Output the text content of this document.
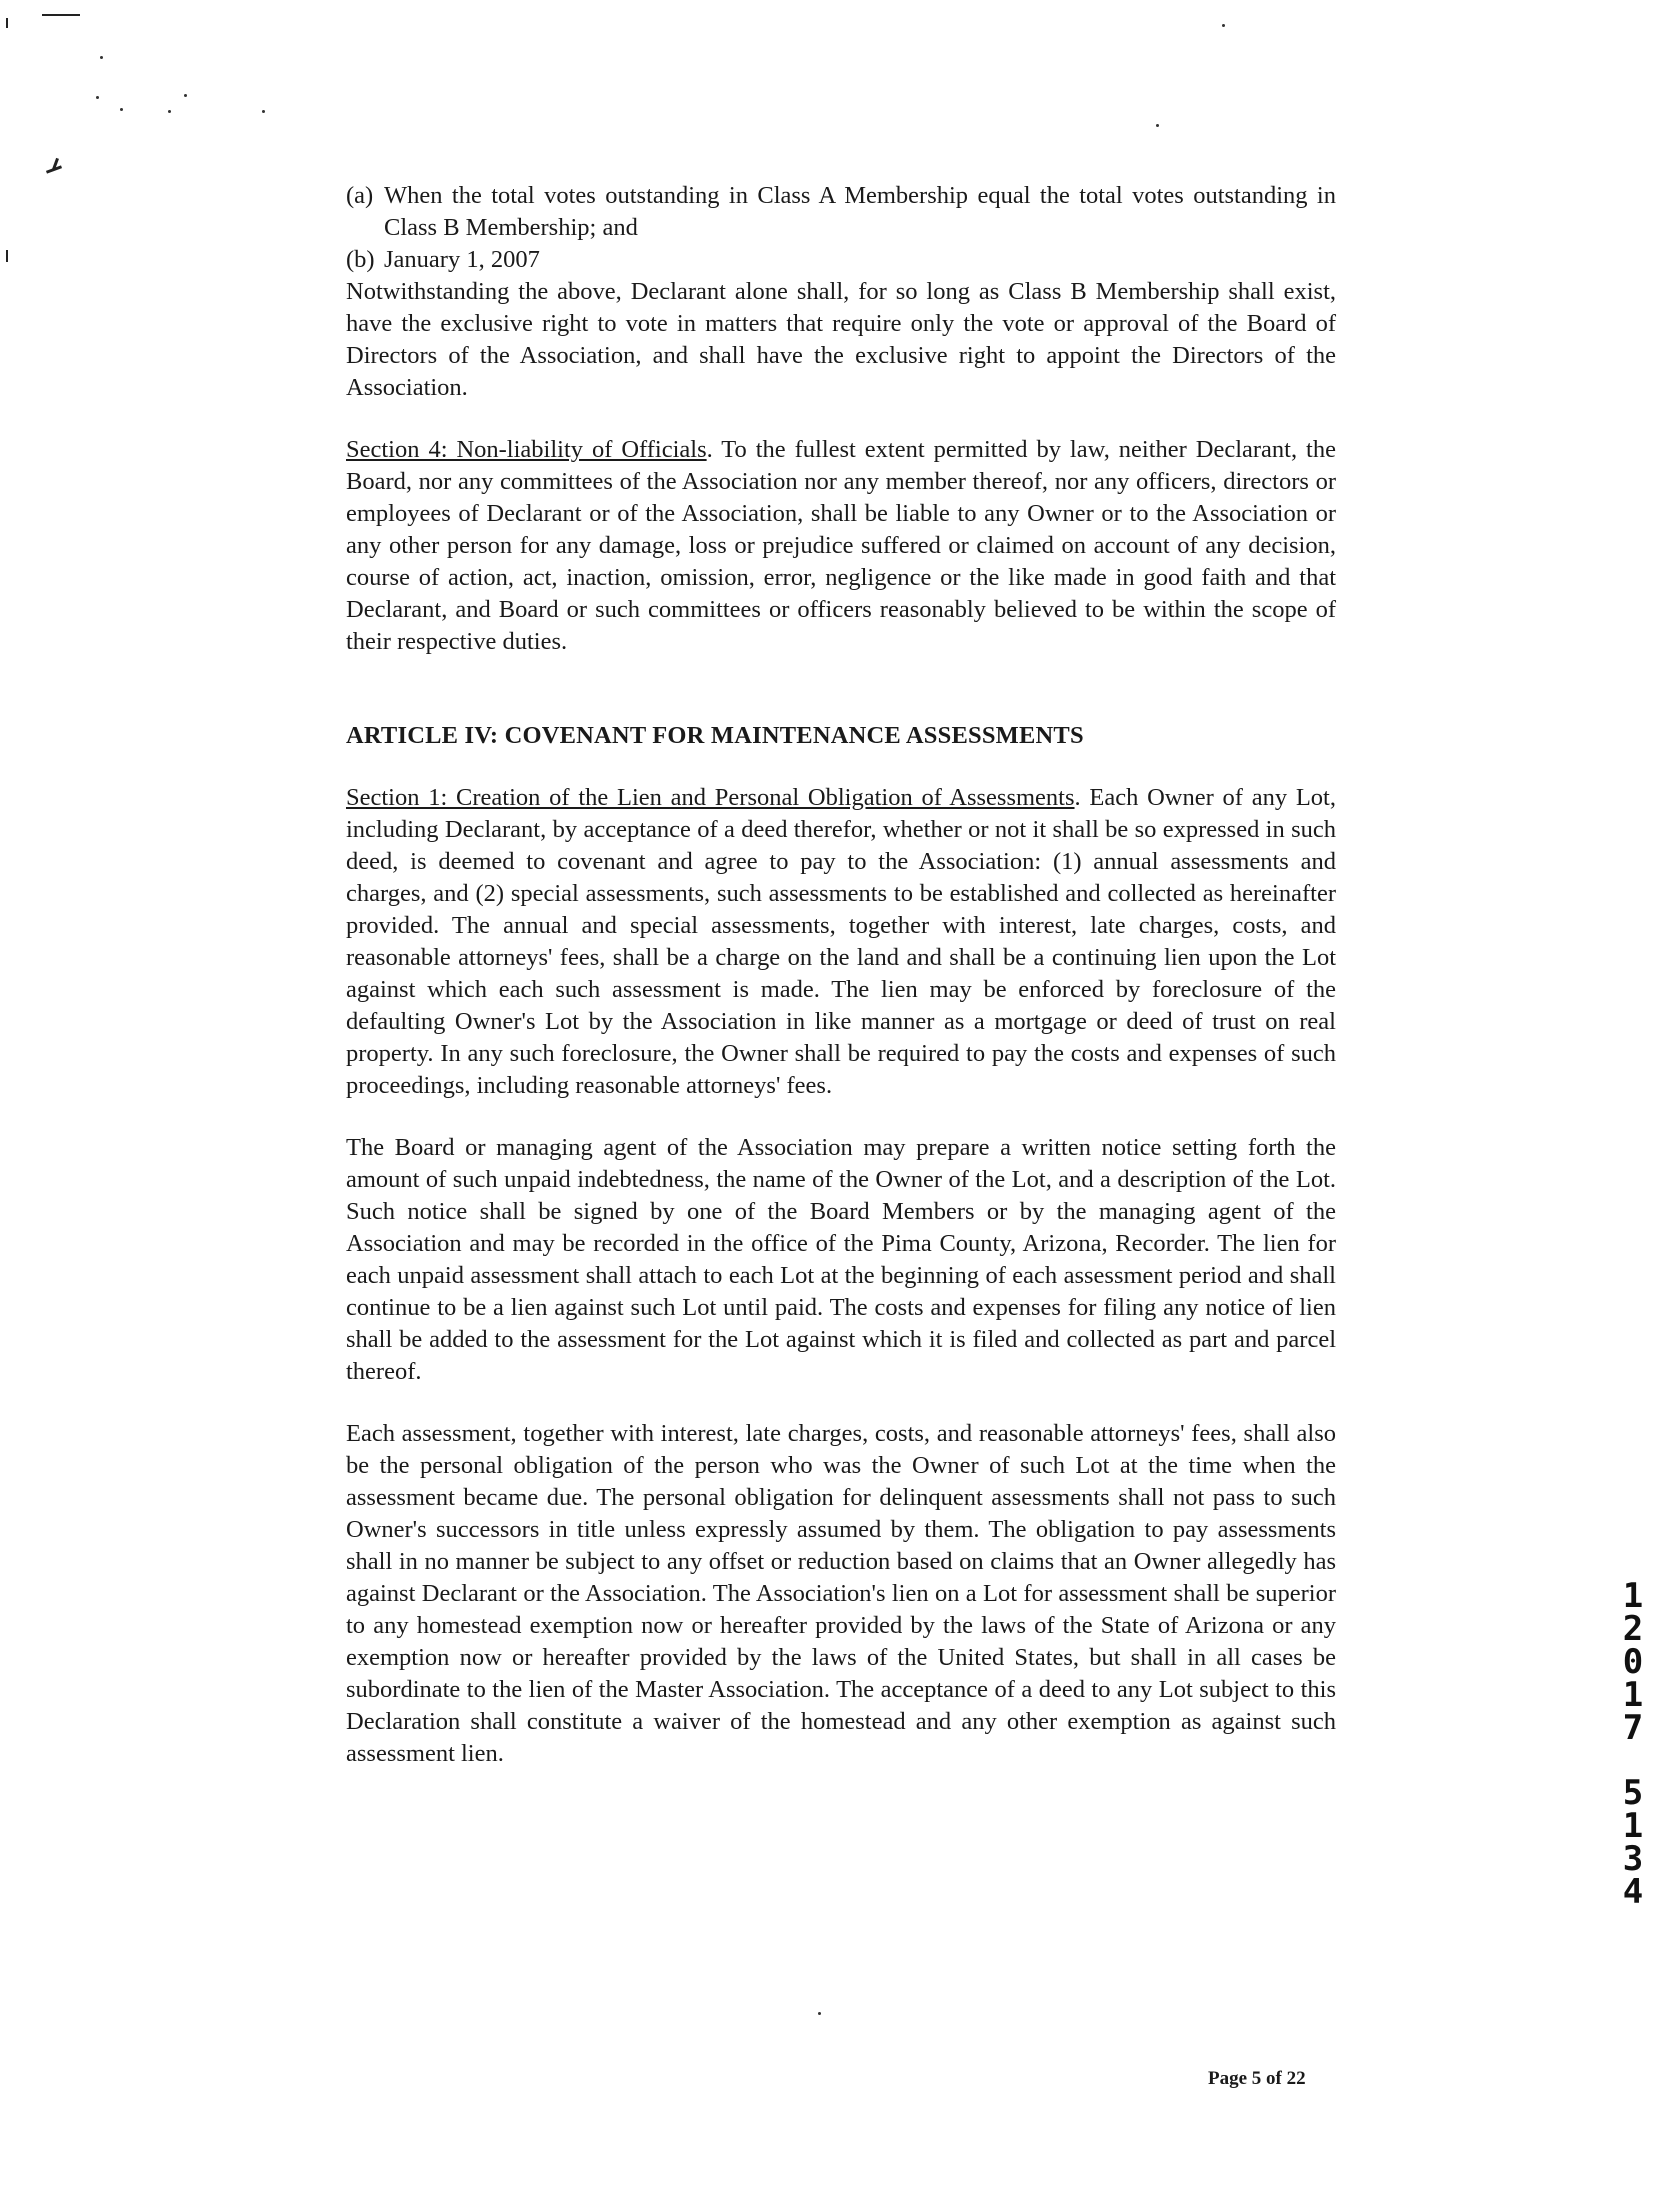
(a) When the total votes outstanding in Class A Membership equal the total votes outstanding in Class B Membership; and
(b) January 1, 2007

Notwithstanding the above, Declarant alone shall, for so long as Class B Membership shall exist, have the exclusive right to vote in matters that require only the vote or approval of the Board of Directors of the Association, and shall have the exclusive right to appoint the Directors of the Association.

Section 4: Non-liability of Officials. To the fullest extent permitted by law, neither Declarant, the Board, nor any committees of the Association nor any member thereof, nor any officers, directors or employees of Declarant or of the Association, shall be liable to any Owner or to the Association or any other person for any damage, loss or prejudice suffered or claimed on account of any decision, course of action, act, inaction, omission, error, negligence or the like made in good faith and that Declarant, and Board or such committees or officers reasonably believed to be within the scope of their respective duties.

ARTICLE IV: COVENANT FOR MAINTENANCE ASSESSMENTS

Section 1: Creation of the Lien and Personal Obligation of Assessments. Each Owner of any Lot, including Declarant, by acceptance of a deed therefor, whether or not it shall be so expressed in such deed, is deemed to covenant and agree to pay to the Association: (1) annual assessments and charges, and (2) special assessments, such assessments to be established and collected as hereinafter provided. The annual and special assessments, together with interest, late charges, costs, and reasonable attorneys' fees, shall be a charge on the land and shall be a continuing lien upon the Lot against which each such assessment is made. The lien may be enforced by foreclosure of the defaulting Owner's Lot by the Association in like manner as a mortgage or deed of trust on real property. In any such foreclosure, the Owner shall be required to pay the costs and expenses of such proceedings, including reasonable attorneys' fees.

The Board or managing agent of the Association may prepare a written notice setting forth the amount of such unpaid indebtedness, the name of the Owner of the Lot, and a description of the Lot. Such notice shall be signed by one of the Board Members or by the managing agent of the Association and may be recorded in the office of the Pima County, Arizona, Recorder. The lien for each unpaid assessment shall attach to each Lot at the beginning of each assessment period and shall continue to be a lien against such Lot until paid. The costs and expenses for filing any notice of lien shall be added to the assessment for the Lot against which it is filed and collected as part and parcel thereof.

Each assessment, together with interest, late charges, costs, and reasonable attorneys' fees, shall also be the personal obligation of the person who was the Owner of such Lot at the time when the assessment became due. The personal obligation for delinquent assessments shall not pass to such Owner's successors in title unless expressly assumed by them. The obligation to pay assessments shall in no manner be subject to any offset or reduction based on claims that an Owner allegedly has against Declarant or the Association. The Association's lien on a Lot for assessment shall be superior to any homestead exemption now or hereafter provided by the laws of the State of Arizona or any exemption now or hereafter provided by the laws of the United States, but shall in all cases be subordinate to the lien of the Master Association. The acceptance of a deed to any Lot subject to this Declaration shall constitute a waiver of the homestead and any other exemption as against such assessment lien.

Page 5 of 22
1
2
0
1
7
5
1
3
4
